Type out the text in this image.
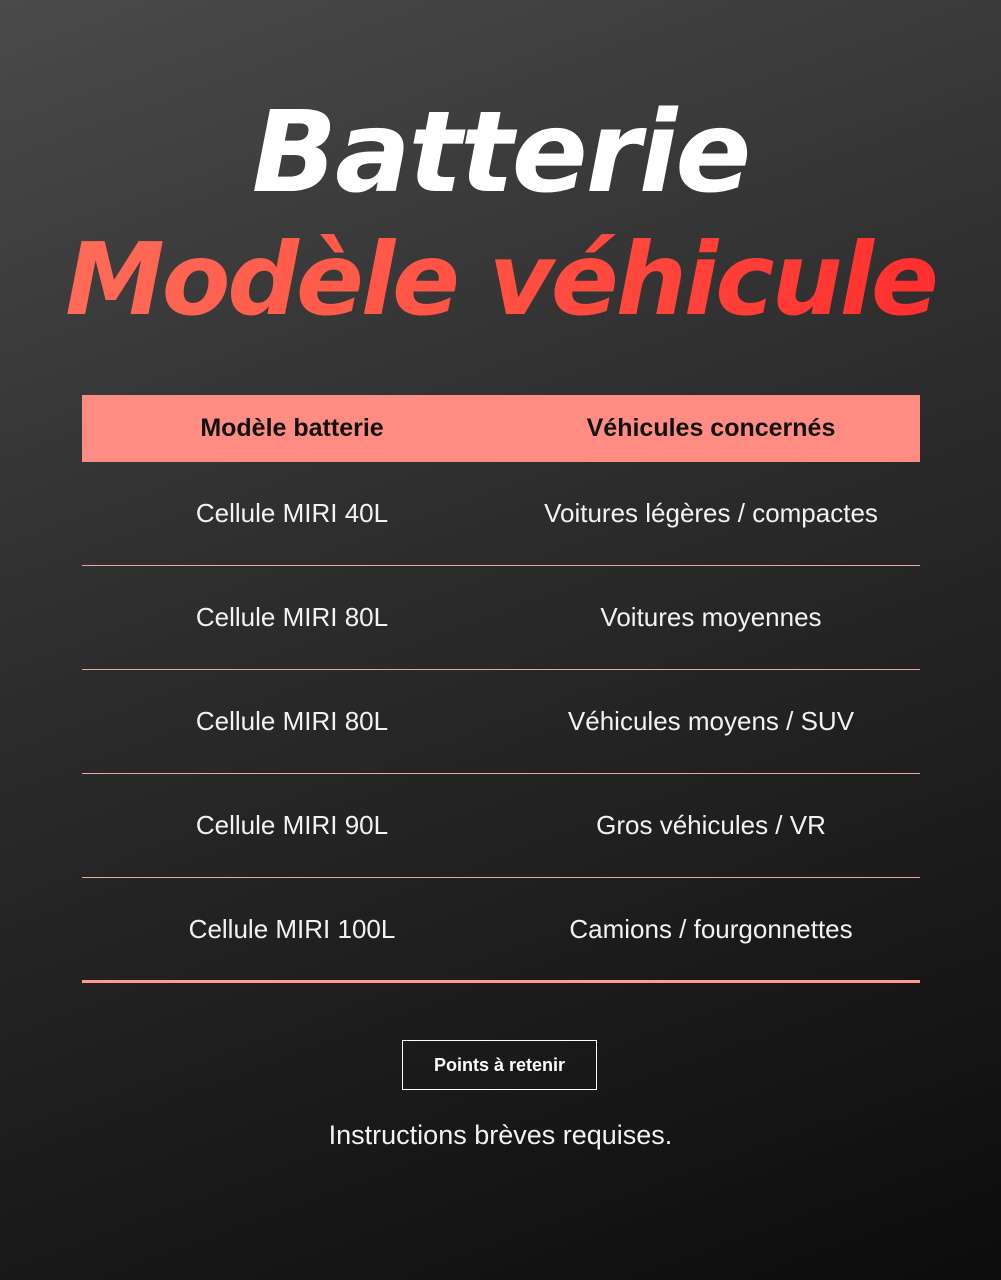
Batterie
Modèle véhicule
Modèle batterie	Véhicules concernés
Cellule MIRI 40L	Voitures légères / compactes
Cellule MIRI 80L	Voitures moyennes
Cellule MIRI 80L	Véhicules moyens / SUV
Cellule MIRI 90L	Gros véhicules / VR
Cellule MIRI 100L	Camions / fourgonnettes
Points à retenir
Instructions brèves requises.
